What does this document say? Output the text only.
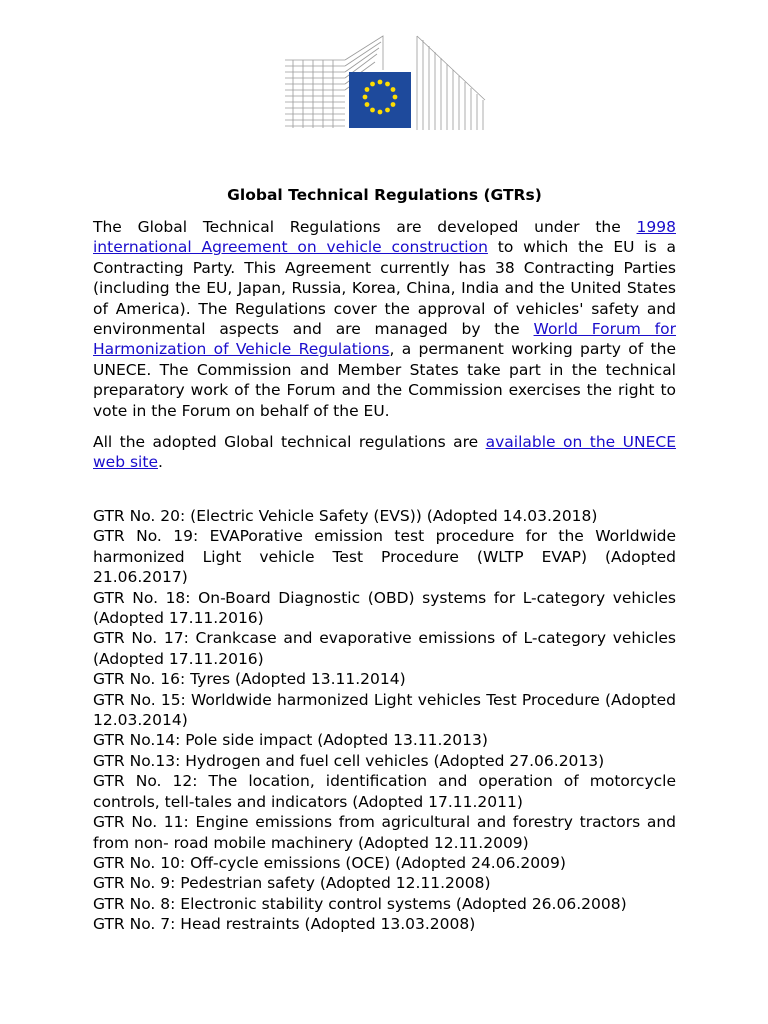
Global Technical Regulations (GTRs)
The Global Technical Regulations are developed under the 1998 international Agreement on vehicle construction to which the EU is a Contracting Party. This Agreement currently has 38 Contracting Parties (including the EU, Japan, Russia, Korea, China, India and the United States of America). The Regulations cover the approval of vehicles' safety and environmental aspects and are managed by the World Forum for Harmonization of Vehicle Regulations, a permanent working party of the UNECE. The Commission and Member States take part in the technical preparatory work of the Forum and the Commission exercises the right to vote in the Forum on behalf of the EU.
All the adopted Global technical regulations are available on the UNECE web site.
GTR No. 20: (Electric Vehicle Safety (EVS)) (Adopted 14.03.2018)
GTR No. 19: EVAPorative emission test procedure for the Worldwide harmonized Light vehicle Test Procedure (WLTP EVAP) (Adopted 21.06.2017)
GTR No. 18: On-Board Diagnostic (OBD) systems for L-category vehicles (Adopted 17.11.2016)
GTR No. 17: Crankcase and evaporative emissions of L-category vehicles (Adopted 17.11.2016)
GTR No. 16: Tyres (Adopted 13.11.2014)
GTR No. 15: Worldwide harmonized Light vehicles Test Procedure (Adopted 12.03.2014)
GTR No.14: Pole side impact (Adopted 13.11.2013)
GTR No.13: Hydrogen and fuel cell vehicles (Adopted 27.06.2013)
GTR No. 12: The location, identification and operation of motorcycle controls, tell-tales and indicators (Adopted 17.11.2011)
GTR No. 11: Engine emissions from agricultural and forestry tractors and from non- road mobile machinery (Adopted 12.11.2009)
GTR No. 10: Off-cycle emissions (OCE) (Adopted 24.06.2009)
GTR No. 9: Pedestrian safety (Adopted 12.11.2008)
GTR No. 8: Electronic stability control systems (Adopted 26.06.2008)
GTR No. 7: Head restraints (Adopted 13.03.2008)
